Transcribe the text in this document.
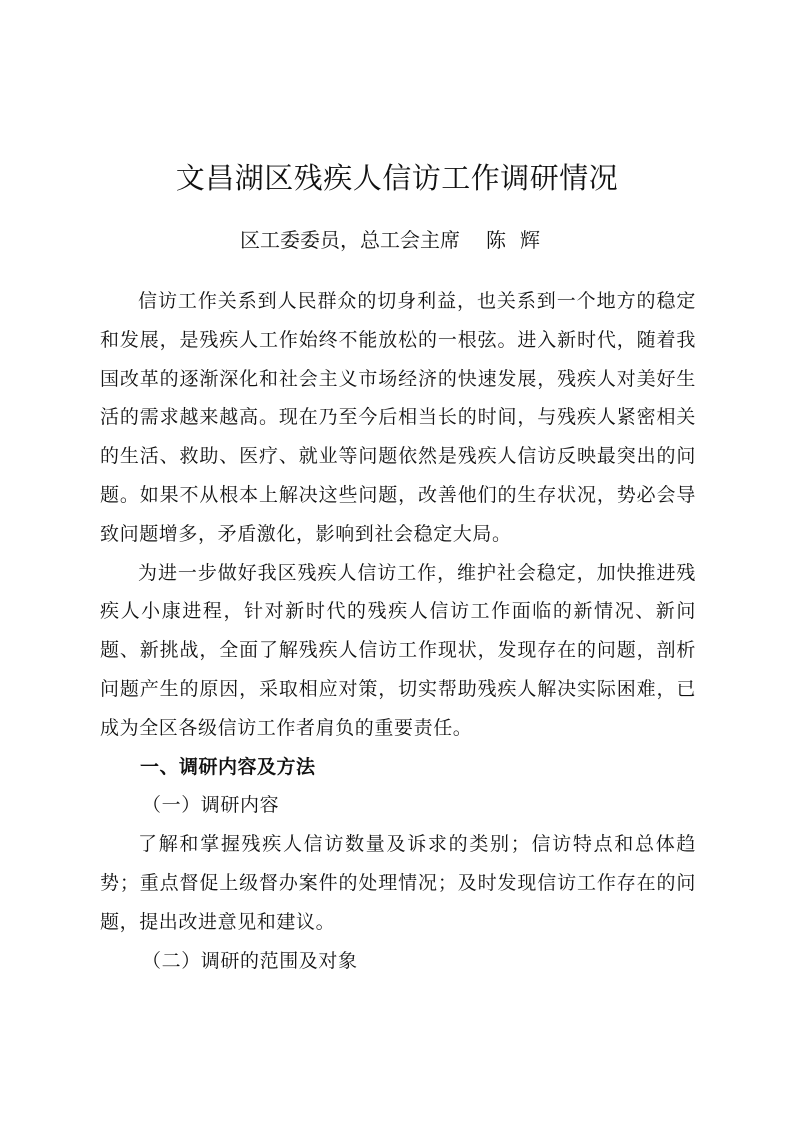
文昌湖区残疾人信访工作调研情况
区工委委员，总工会主席 陈辉

信访工作关系到人民群众的切身利益，也关系到一个地方的稳定和发展，是残疾人工作始终不能放松的一根弦。进入新时代，随着我国改革的逐渐深化和社会主义市场经济的快速发展，残疾人对美好生活的需求越来越高。现在乃至今后相当长的时间，与残疾人紧密相关的生活、救助、医疗、就业等问题依然是残疾人信访反映最突出的问题。如果不从根本上解决这些问题，改善他们的生存状况，势必会导致问题增多，矛盾激化，影响到社会稳定大局。

为进一步做好我区残疾人信访工作，维护社会稳定，加快推进残疾人小康进程，针对新时代的残疾人信访工作面临的新情况、新问题、新挑战，全面了解残疾人信访工作现状，发现存在的问题，剖析问题产生的原因，采取相应对策，切实帮助残疾人解决实际困难，已成为全区各级信访工作者肩负的重要责任。

一、调研内容及方法

（一）调研内容

了解和掌握残疾人信访数量及诉求的类别；信访特点和总体趋势；重点督促上级督办案件的处理情况；及时发现信访工作存在的问题，提出改进意见和建议。

（二）调研的范围及对象
